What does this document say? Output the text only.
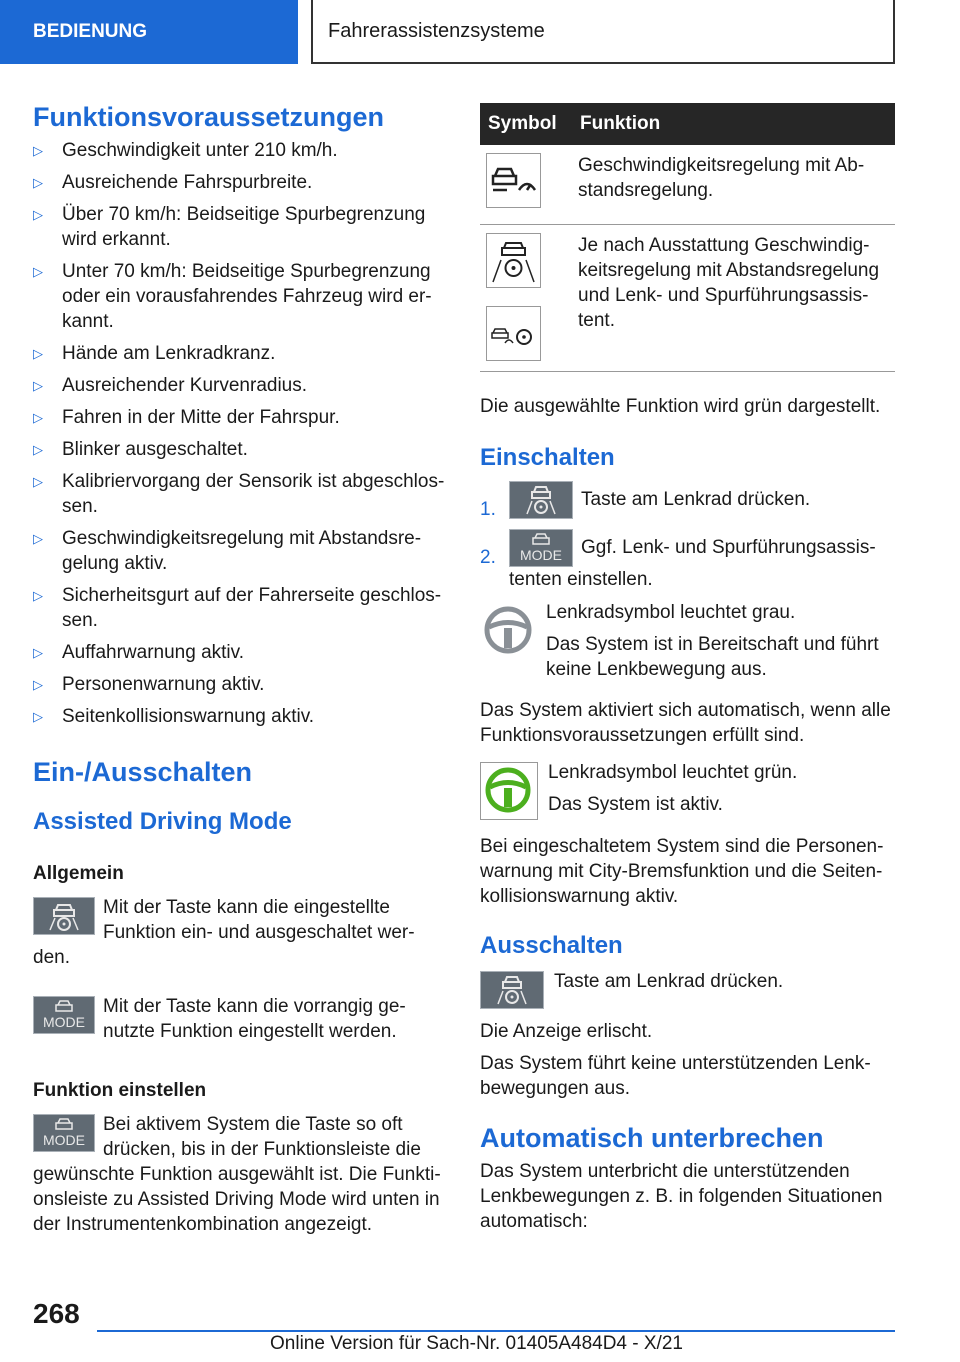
BEDIENUNG	Fahrerassistenzsysteme
Funktionsvoraussetzungen
▷ Geschwindigkeit unter 210 km/h.
▷ Ausreichende Fahrspurbreite.
▷ Über 70 km/h: Beidseitige Spurbegrenzung wird erkannt.
▷ Unter 70 km/h: Beidseitige Spurbegrenzung oder ein vorausfahrendes Fahrzeug wird er-kannt.
▷ Hände am Lenkradkranz.
▷ Ausreichender Kurvenradius.
▷ Fahren in der Mitte der Fahrspur.
▷ Blinker ausgeschaltet.
▷ Kalibriervorgang der Sensorik ist abgeschlos-sen.
▷ Geschwindigkeitsregelung mit Abstandsre-gelung aktiv.
▷ Sicherheitsgurt auf der Fahrerseite geschlos-sen.
▷ Auffahrwarnung aktiv.
▷ Personenwarnung aktiv.
▷ Seitenkollisionswarnung aktiv.
Ein-/Ausschalten
Assisted Driving Mode
Allgemein

Mit der Taste kann die eingestellte Funktion ein- und ausgeschaltet wer-den.

MODE

Mit der Taste kann die vorrangig ge-nutzte Funktion eingestellt werden.

Funktion einstellen
MODE

Bei aktivem System die Taste so oft drücken, bis in der Funktionsleiste die gewünschte Funktion ausgewählt ist. Die Funkti-onsleiste zu Assisted Driving Mode wird unten in der Instrumentenkombination angezeigt.

Symbol	Funktion
	Geschwindigkeitsregelung mit Ab-standsregelung.

	Je nach Ausstattung Geschwindig-keitsregelung mit Abstandsregelung und Lenk- und Spurführungsassis-tent.

Die ausgewählte Funktion wird grün dargestellt.

Einschalten
1.	Taste am Lenkrad drücken.
2. MODE Ggf. Lenk- und Spurführungsassis-tenten einstellen.

Lenkradsymbol leuchtet grau.

Das System ist in Bereitschaft und führt keine Lenkbewegung aus.

Das System aktiviert sich automatisch, wenn alle Funktionsvoraussetzungen erfüllt sind.

Lenkradsymbol leuchtet grün.

Das System ist aktiv.

Bei eingeschaltetem System sind die Personen-warnung mit City-Bremsfunktion und die Seiten-kollisionswarnung aktiv.

Ausschalten

Taste am Lenkrad drücken.

Die Anzeige erlischt.

Das System führt keine unterstützenden Lenk-bewegungen aus.

Automatisch unterbrechen

Das System unterbricht die unterstützenden Lenkbewegungen z. B. in folgenden Situationen automatisch:

268
Online Version für Sach-Nr. 01405A484D4 - X/21
